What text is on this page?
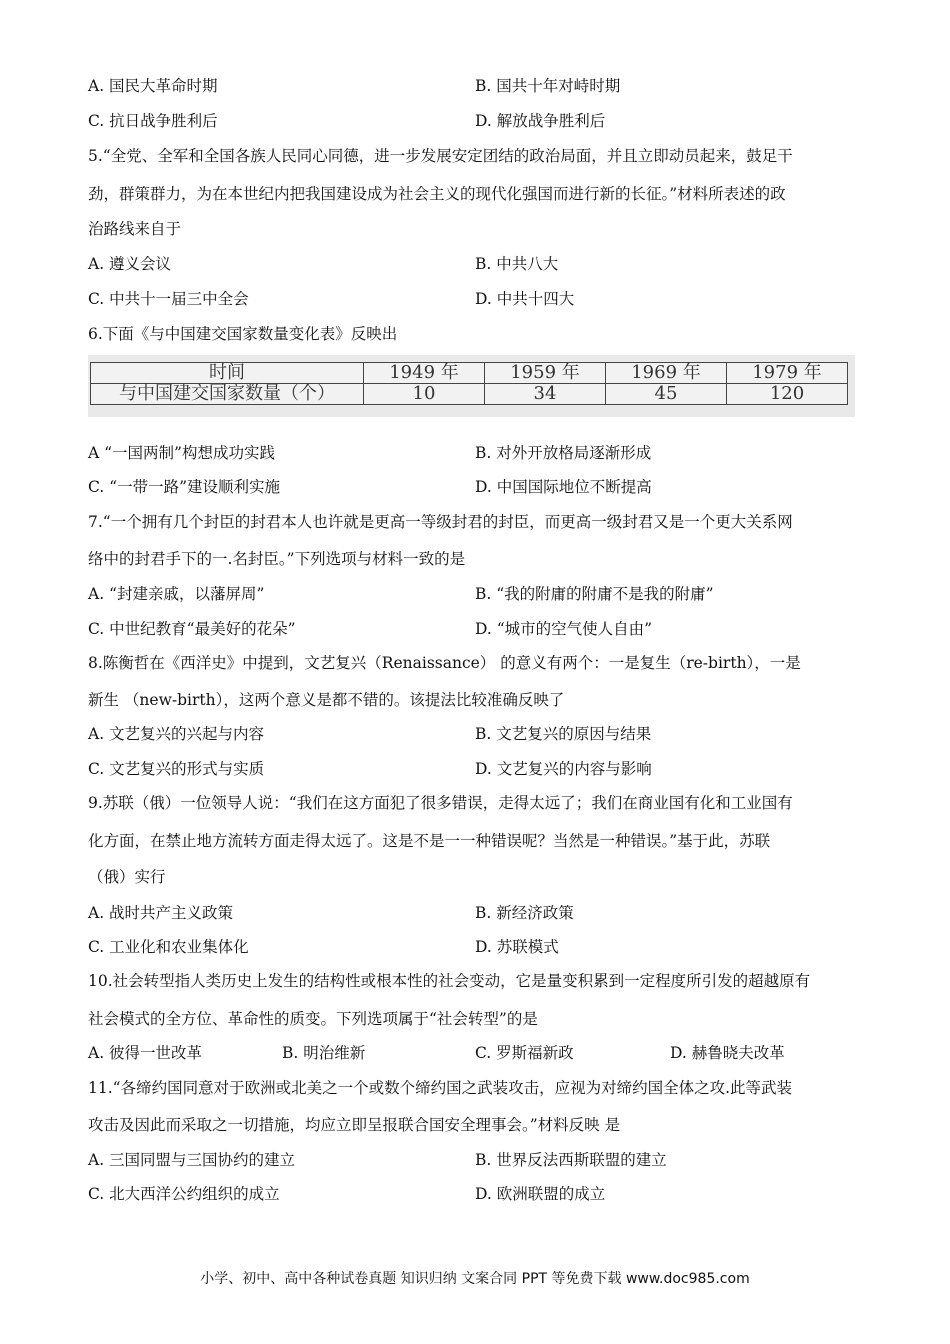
A. 国民大革命时期	B. 国共十年对峙时期
C. 抗日战争胜利后	D. 解放战争胜利后
5.“全党、全军和全国各族人民同心同德，进一步发展安定团结的政治局面，并且立即动员起来，鼓足干
劲，群策群力，为在本世纪内把我国建设成为社会主义的现代化强国而进行新的长征。”材料所表述的政
治路线来自于
A. 遵义会议	B. 中共八大
C. 中共十一届三中全会	D. 中共十四大
6.下面《与中国建交国家数量变化表》反映出
时间	1949 年	1959 年	1969 年	1979 年
与中国建交国家数量（个）	10	34	45	120
A “一国两制”构想成功实践	B. 对外开放格局逐渐形成
C. “一带一路”建设顺利实施	D. 中国国际地位不断提高
7.“一个拥有几个封臣的封君本人也许就是更高一等级封君的封臣，而更高一级封君又是一个更大关系网
络中的封君手下的一.名封臣。”下列选项与材料一致的是
A. “封建亲戚，以藩屏周”	B. “我的附庸的附庸不是我的附庸”
C. 中世纪教育“最美好的花朵”	D. “城市的空气使人自由”
8.陈衡哲在《西洋史》中提到，文艺复兴（Renaissance） 的意义有两个：一是复生（re-birth），一是
新生 （new-birth），这两个意义是都不错的。该提法比较准确反映了
A. 文艺复兴的兴起与内容	B. 文艺复兴的原因与结果
C. 文艺复兴的形式与实质	D. 文艺复兴的内容与影响
9.苏联（俄）一位领导人说：“我们在这方面犯了很多错误，走得太远了；我们在商业国有化和工业国有
化方面，在禁止地方流转方面走得太远了。这是不是一一种错误呢？当然是一种错误。”基于此，苏联
（俄）实行
A. 战时共产主义政策	B. 新经济政策
C. 工业化和农业集体化	D. 苏联模式
10.社会转型指人类历史上发生的结构性或根本性的社会变动，它是量变积累到一定程度所引发的超越原有
社会模式的全方位、革命性的质变。下列选项属于“社会转型”的是
A. 彼得一世改革	B. 明治维新	C. 罗斯福新政	D. 赫鲁晓夫改革
11.“各缔约国同意对于欧洲或北美之一个或数个缔约国之武装攻击，应视为对缔约国全体之攻.此等武装
攻击及因此而采取之一切措施，均应立即呈报联合国安全理事会。”材料反映 是
A. 三国同盟与三国协约的建立	B. 世界反法西斯联盟的建立
C. 北大西洋公约组织的成立	D. 欧洲联盟的成立
小学、初中、高中各种试卷真题 知识归纳 文案合同 PPT 等免费下载 www.doc985.com
